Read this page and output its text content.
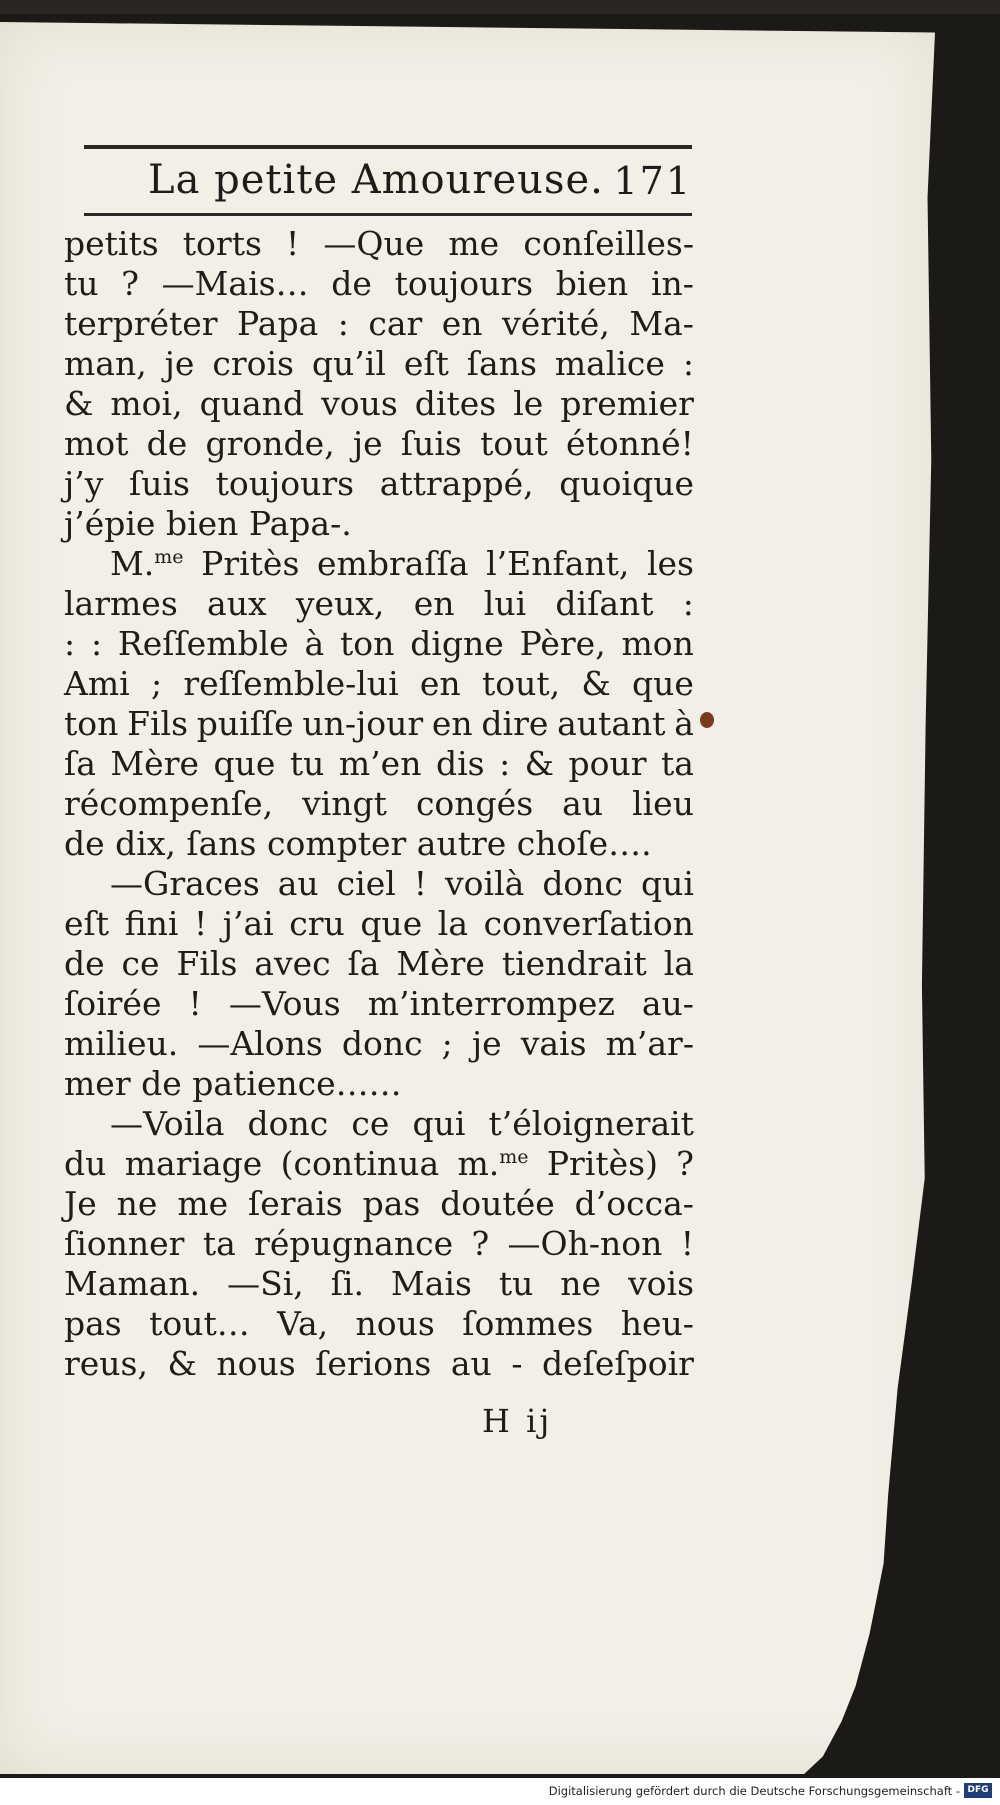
La petite Amoureuse. 171
petits torts ! —Que me conſeilles-
tu ? —Mais… de toujours bien in-
terpréter Papa : car en vérité, Ma-
man, je crois qu’il eſt ſans malice :
& moi, quand vous dites le premier
mot de gronde, je ſuis tout étonné!
j’y ſuis toujours attrappé, quoique
j’épie bien Papa-.
M.$^{me}$ Pritès embraſſa l’Enfant, les
larmes aux yeux, en lui diſant :
: : Reſſemble à ton digne Père, mon
Ami ; reſſemble-lui en tout, & que
ton Fils puiſſe un-jour en dire autant à
ſa Mère que tu m’en dis : & pour ta
récompenſe, vingt congés au lieu
de dix, ſans compter autre choſe….
—Graces au ciel ! voilà donc qui
eſt fini ! j’ai cru que la converſation
de ce Fils avec ſa Mère tiendrait la
ſoirée ! —Vous m’interrompez au-
milieu. —Alons donc ; je vais m’ar-
mer de patience……
—Voila donc ce qui t’éloignerait
du mariage (continua m.$^{me}$ Pritès) ?
Je ne me ſerais pas doutée d’occa-
ſionner ta répugnance ? —Oh-non !
Maman. —Si, ſi. Mais tu ne vois
pas tout… Va, nous ſommes heu-
reus, & nous ſerions au - deſeſpoir
H ij
Digitalisierung gefördert durch die Deutsche Forschungsgemeinschaft - DFG
